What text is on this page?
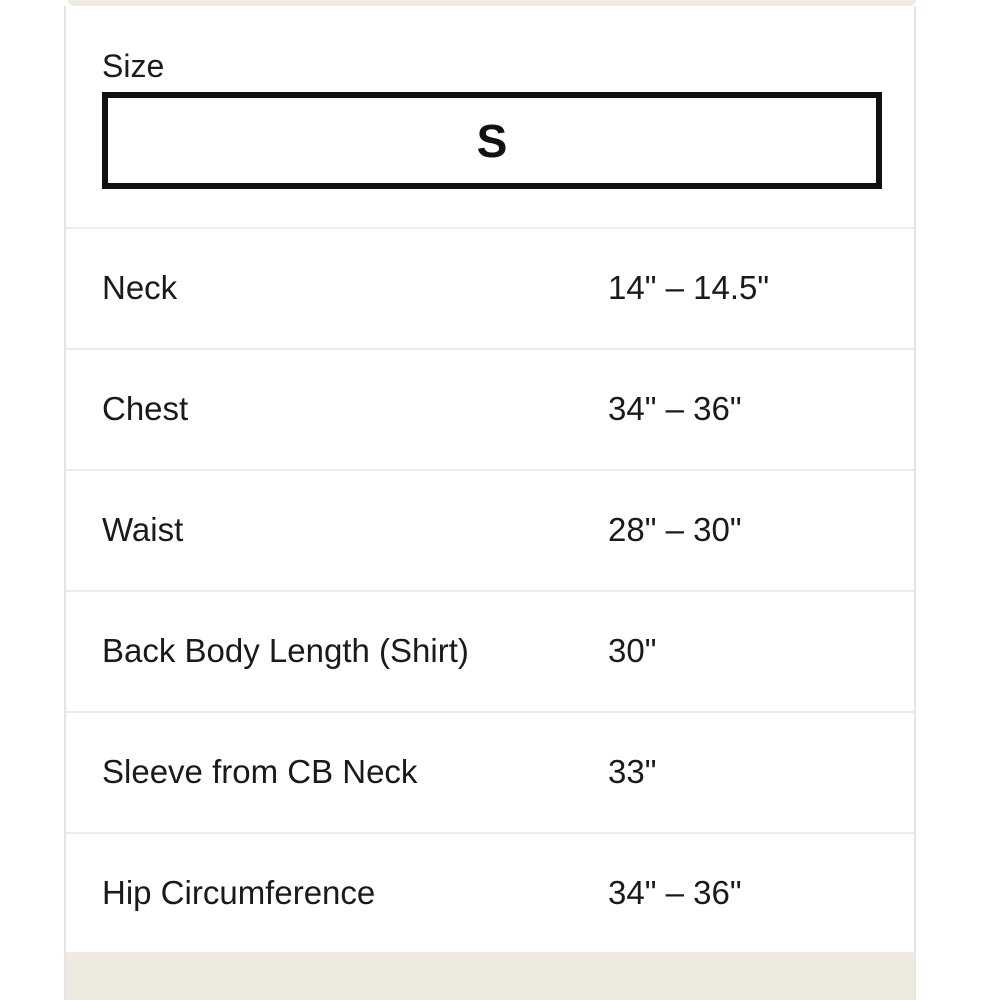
Size
S
Neck	14" – 14.5"
Chest	34" – 36"
Waist	28" – 30"
Back Body Length (Shirt)	30"
Sleeve from CB Neck	33"
Hip Circumference	34" – 36"
